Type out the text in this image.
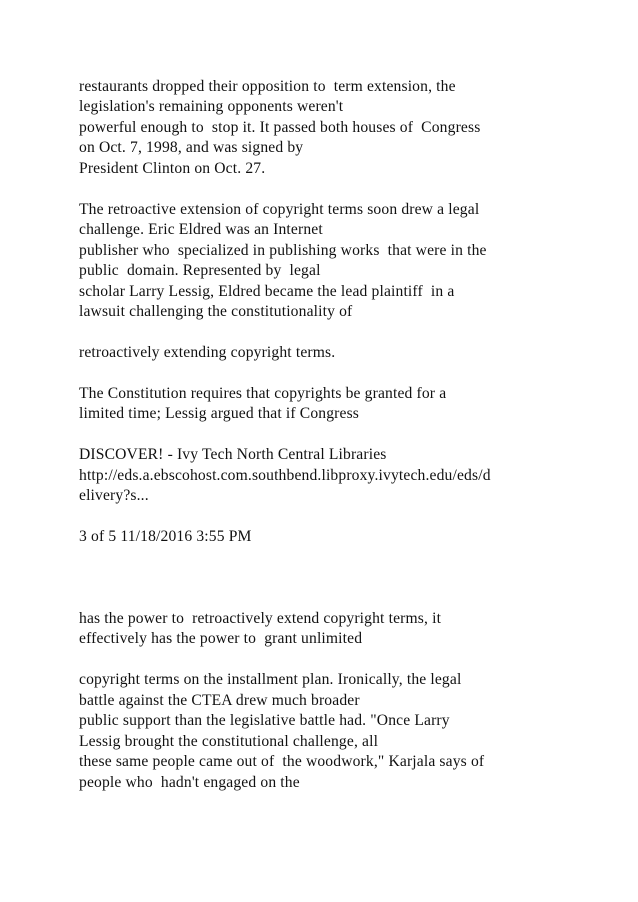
restaurants dropped their opposition to  term extension, the
legislation's remaining opponents weren't
powerful enough to  stop it. It passed both houses of  Congress
on Oct. 7, 1998, and was signed by
President Clinton on Oct. 27.
The retroactive extension of copyright terms soon drew a legal
challenge. Eric Eldred was an Internet
publisher who  specialized in publishing works  that were in the
public  domain. Represented by  legal
scholar Larry Lessig, Eldred became the lead plaintiff  in a
lawsuit challenging the constitutionality of
retroactively extending copyright terms.
The Constitution requires that copyrights be granted for a
limited time; Lessig argued that if Congress
DISCOVER! - Ivy Tech North Central Libraries
http://eds.a.ebscohost.com.southbend.libproxy.ivytech.edu/eds/d
elivery?s...
3 of 5 11/18/2016 3:55 PM
has the power to  retroactively extend copyright terms, it
effectively has the power to  grant unlimited
copyright terms on the installment plan. Ironically, the legal
battle against the CTEA drew much broader
public support than the legislative battle had. "Once Larry
Lessig brought the constitutional challenge, all
these same people came out of  the woodwork," Karjala says of
people who  hadn't engaged on the
